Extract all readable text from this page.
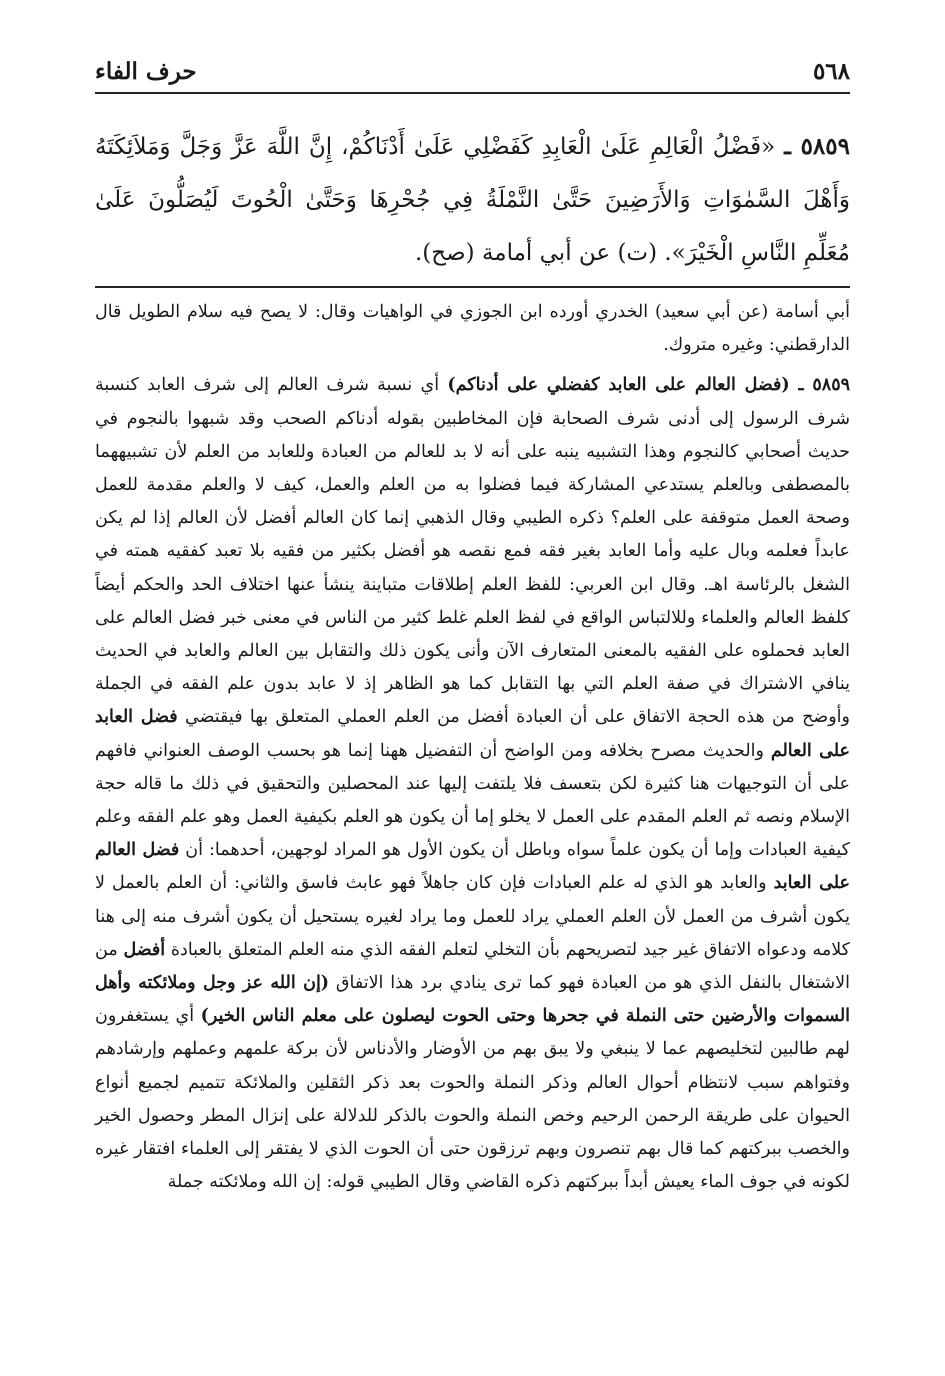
٥٦٨
حرف الفاء

٥٨٥٩ ـ «فَضْلُ الْعَالِمِ عَلَىٰ الْعَابِدِ كَفَضْلِي عَلَىٰ أَدْنَاكُمْ، إِنَّ اللَّهَ عَزَّ وَجَلَّ وَمَلاَئِكَتَهُ وَأَهْلَ السَّمٰوَاتِ وَالأَرَضِينَ حَتَّىٰ النَّمْلَةُ فِي جُحْرِهَا وَحَتَّىٰ الْحُوتَ لَيُصَلُّونَ عَلَىٰ مُعَلِّمِ النَّاسِ الْخَيْرَ». (ت) عن أبي أمامة (صح).

أبي أسامة (عن أبي سعيد) الخدري أورده ابن الجوزي في الواهيات وقال: لا يصح فيه سلام الطويل قال الدارقطني: وغيره متروك.

٥٨٥٩ ـ (فضل العالم على العابد كفضلي على أدناكم) أي نسبة شرف العالم إلى شرف العابد كنسبة شرف الرسول إلى أدنى شرف الصحابة فإن المخاطبين بقوله أدناكم الصحب وقد شبهوا بالنجوم في حديث أصحابي كالنجوم وهذا التشبيه ينبه على أنه لا بد للعالم من العبادة وللعابد من العلم لأن تشبيههما بالمصطفى وبالعلم يستدعي المشاركة فيما فضلوا به من العلم والعمل، كيف لا والعلم مقدمة للعمل وصحة العمل متوقفة على العلم؟ ذكره الطيبي وقال الذهبي إنما كان العالم أفضل لأن العالم إذا لم يكن عابداً فعلمه وبال عليه وأما العابد بغير فقه فمع نقصه هو أفضل بكثير من فقيه بلا تعبد كفقيه همته في الشغل بالرئاسة اهـ. وقال ابن العربي: للفظ العلم إطلاقات متباينة ينشأ عنها اختلاف الحد والحكم أيضاً كلفظ العالم والعلماء وللالتباس الواقع في لفظ العلم غلط كثير من الناس في معنى خبر فضل العالم على العابد فحملوه على الفقيه بالمعنى المتعارف الآن وأنى يكون ذلك والتقابل بين العالم والعابد في الحديث ينافي الاشتراك في صفة العلم التي بها التقابل كما هو الظاهر إذ لا عابد بدون علم الفقه في الجملة وأوضح من هذه الحجة الاتفاق على أن العبادة أفضل من العلم العملي المتعلق بها فيقتضي فضل العابد على العالم والحديث مصرح بخلافه ومن الواضح أن التفضيل ههنا إنما هو بحسب الوصف العنواني فافهم على أن التوجيهات هنا كثيرة لكن بتعسف فلا يلتفت إليها عند المحصلين والتحقيق في ذلك ما قاله حجة الإسلام ونصه ثم العلم المقدم على العمل لا يخلو إما أن يكون هو العلم بكيفية العمل وهو علم الفقه وعلم كيفية العبادات وإما أن يكون علماً سواه وباطل أن يكون الأول هو المراد لوجهين، أحدهما: أن فضل العالم على العابد والعابد هو الذي له علم العبادات فإن كان جاهلاً فهو عابث فاسق والثاني: أن العلم بالعمل لا يكون أشرف من العمل لأن العلم العملي يراد للعمل وما يراد لغيره يستحيل أن يكون أشرف منه إلى هنا كلامه ودعواه الاتفاق غير جيد لتصريحهم بأن التخلي لتعلم الفقه الذي منه العلم المتعلق بالعبادة أفضل من الاشتغال بالنفل الذي هو من العبادة فهو كما ترى ينادي برد هذا الاتفاق (إن الله عز وجل وملائكته وأهل السموات والأرضين حتى النملة في جحرها وحتى الحوت ليصلون على معلم الناس الخير) أي يستغفرون لهم طالبين لتخليصهم عما لا ينبغي ولا يبق بهم من الأوضار والأدناس لأن بركة علمهم وعملهم وإرشادهم وفتواهم سبب لانتظام أحوال العالم وذكر النملة والحوت بعد ذكر الثقلين والملائكة تتميم لجميع أنواع الحيوان على طريقة الرحمن الرحيم وخص النملة والحوت بالذكر للدلالة على إنزال المطر وحصول الخير والخصب ببركتهم كما قال بهم تنصرون وبهم ترزقون حتى أن الحوت الذي لا يفتقر إلى العلماء افتقار غيره لكونه في جوف الماء يعيش أبداً ببركتهم ذكره القاضي وقال الطيبي قوله: إن الله وملائكته جملة
